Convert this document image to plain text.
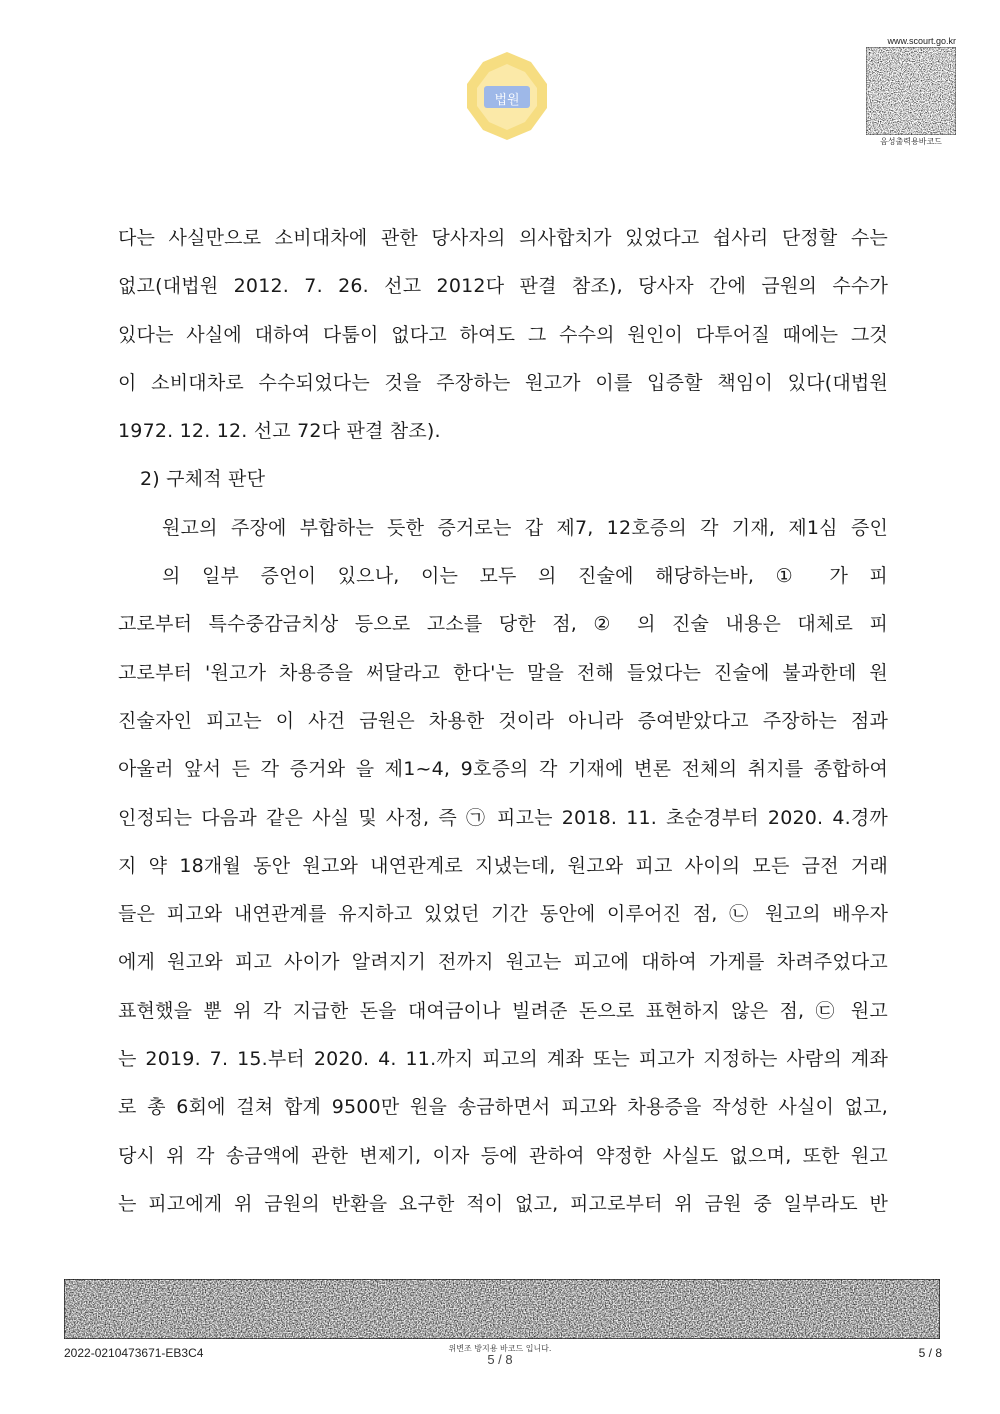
법원
www.scourt.go.kr
음성출력용바코드
다는 사실만으로 소비대차에 관한 당사자의 의사합치가 있었다고 쉽사리 단정할 수는
없고(대법원 2012. 7. 26. 선고 2012다 판결 참조), 당사자 간에 금원의 수수가
있다는 사실에 대하여 다툼이 없다고 하여도 그 수수의 원인이 다투어질 때에는 그것
이 소비대차로 수수되었다는 것을 주장하는 원고가 이를 입증할 책임이 있다(대법원
1972. 12. 12. 선고 72다 판결 참조).
2) 구체적 판단
원고의 주장에 부합하는 듯한 증거로는 갑 제7, 12호증의 각 기재, 제1심 증인
의 일부 증언이 있으나, 이는 모두 의 진술에 해당하는바, ① 가 피
고로부터 특수중감금치상 등으로 고소를 당한 점, ② 의 진술 내용은 대체로 피
고로부터 '원고가 차용증을 써달라고 한다'는 말을 전해 들었다는 진술에 불과한데 원
진술자인 피고는 이 사건 금원은 차용한 것이라 아니라 증여받았다고 주장하는 점과
아울러 앞서 든 각 증거와 을 제1~4, 9호증의 각 기재에 변론 전체의 취지를 종합하여
인정되는 다음과 같은 사실 및 사정, 즉 ㉠ 피고는 2018. 11. 초순경부터 2020. 4.경까
지 약 18개월 동안 원고와 내연관계로 지냈는데, 원고와 피고 사이의 모든 금전 거래
들은 피고와 내연관계를 유지하고 있었던 기간 동안에 이루어진 점, ㉡ 원고의 배우자
에게 원고와 피고 사이가 알려지기 전까지 원고는 피고에 대하여 가게를 차려주었다고
표현했을 뿐 위 각 지급한 돈을 대여금이나 빌려준 돈으로 표현하지 않은 점, ㉢ 원고
는 2019. 7. 15.부터 2020. 4. 11.까지 피고의 계좌 또는 피고가 지정하는 사람의 계좌
로 총 6회에 걸쳐 합계 9500만 원을 송금하면서 피고와 차용증을 작성한 사실이 없고,
당시 위 각 송금액에 관한 변제기, 이자 등에 관하여 약정한 사실도 없으며, 또한 원고
는 피고에게 위 금원의 반환을 요구한 적이 없고, 피고로부터 위 금원 중 일부라도 반
2022-0210473671-EB3C4	위변조 방지용 바코드 입니다.
5 / 8	5 / 8
